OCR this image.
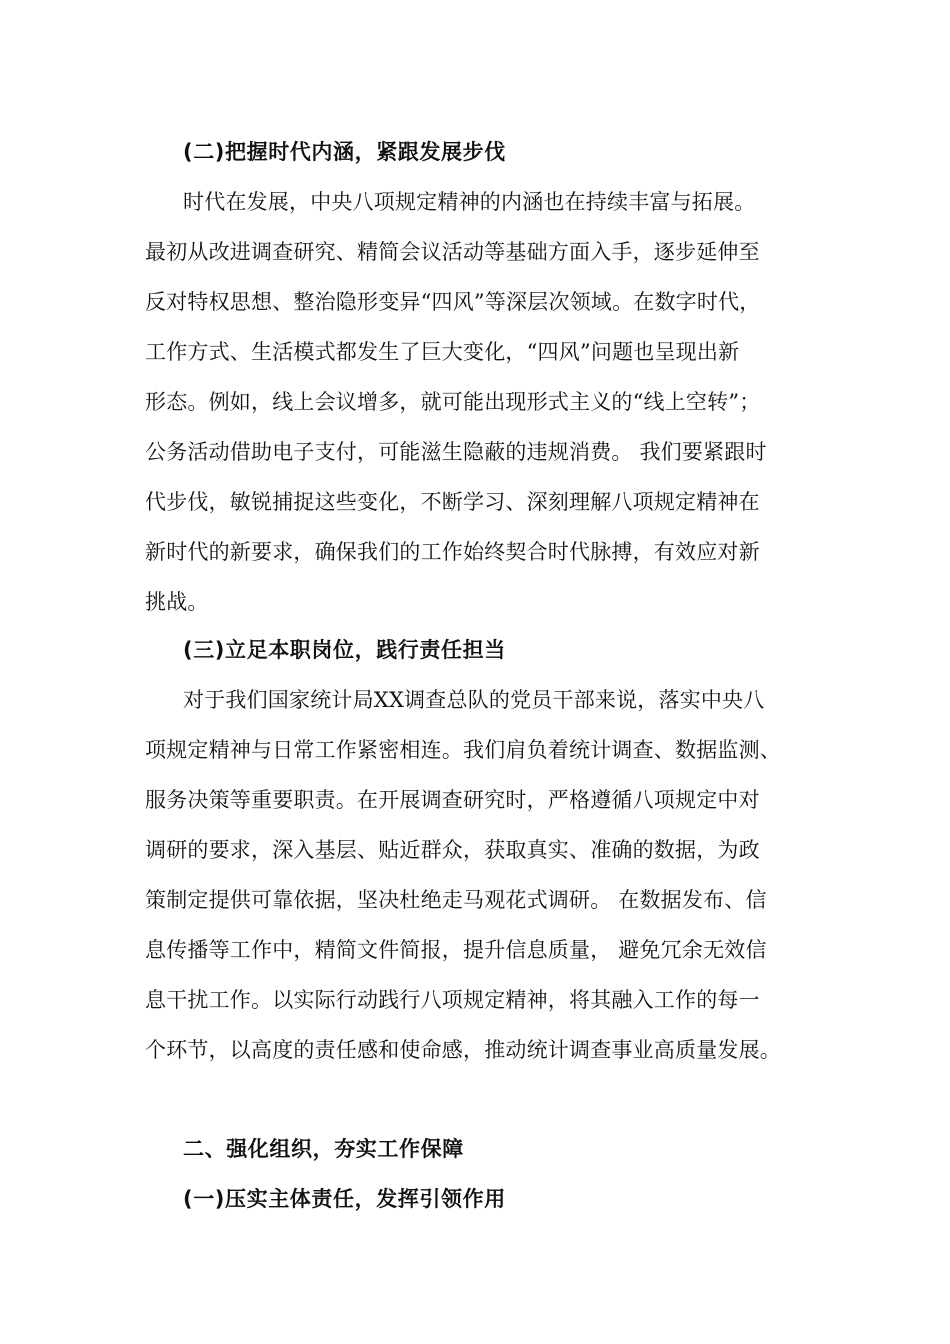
(二)把握时代内涵，紧跟发展步伐
时代在发展，中央八项规定精神的内涵也在持续丰富与拓展。
最初从改进调查研究、精简会议活动等基础方面入手，逐步延伸至
反对特权思想、整治隐形变异“四风”等深层次领域。在数字时代，
工作方式、生活模式都发生了巨大变化，“四风”问题也呈现出新
形态。例如，线上会议增多，就可能出现形式主义的“线上空转”；
公务活动借助电子支付，可能滋生隐蔽的违规消费。 我们要紧跟时
代步伐，敏锐捕捉这些变化，不断学习、深刻理解八项规定精神在
新时代的新要求，确保我们的工作始终契合时代脉搏，有效应对新
挑战。
(三)立足本职岗位，践行责任担当
对于我们国家统计局XX调查总队的党员干部来说，落实中央八
项规定精神与日常工作紧密相连。我们肩负着统计调查、数据监测、
服务决策等重要职责。在开展调查研究时，严格遵循八项规定中对
调研的要求，深入基层、贴近群众，获取真实、准确的数据，为政
策制定提供可靠依据，坚决杜绝走马观花式调研。 在数据发布、信
息传播等工作中，精简文件简报，提升信息质量， 避免冗余无效信
息干扰工作。以实际行动践行八项规定精神，将其融入工作的每一
个环节，以高度的责任感和使命感，推动统计调查事业高质量发展。
二、强化组织，夯实工作保障
(一)压实主体责任，发挥引领作用
